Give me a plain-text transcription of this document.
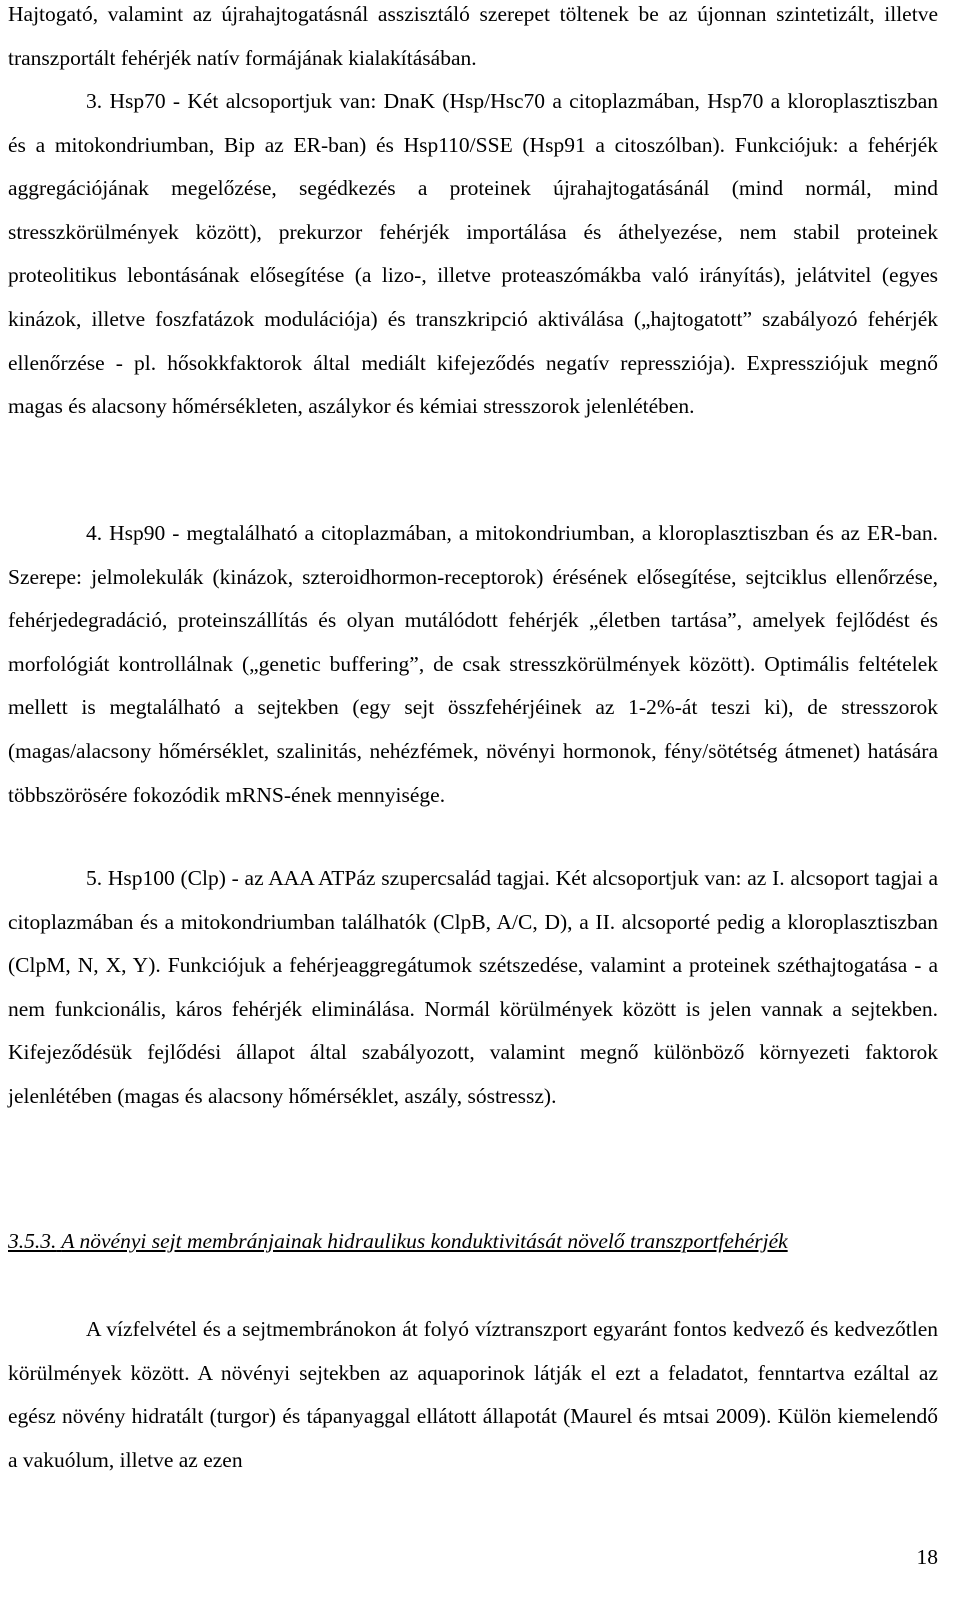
Hajtogató, valamint az újrahajtogatásnál asszisztáló szerepet töltenek be az újonnan szintetizált, illetve transzportált fehérjék natív formájának kialakításában.

3. Hsp70 - Két alcsoportjuk van: DnaK (Hsp/Hsc70 a citoplazmában, Hsp70 a kloroplasztiszban és a mitokondriumban, Bip az ER-ban) és Hsp110/SSE (Hsp91 a citoszólban). Funkciójuk: a fehérjék aggregációjának megelőzése, segédkezés a proteinek újrahajtogatásánál (mind normál, mind stresszkörülmények között), prekurzor fehérjék importálása és áthelyezése, nem stabil proteinek proteolitikus lebontásának elősegítése (a lizo-, illetve proteaszómákba való irányítás), jelátvitel (egyes kinázok, illetve foszfatázok modulációja) és transzkripció aktiválása („hajtogatott” szabályozó fehérjék ellenőrzése - pl. hősokkfaktorok által mediált kifejeződés negatív repressziója). Expressziójuk megnő magas és alacsony hőmérsékleten, aszálykor és kémiai stresszorok jelenlétében.

4. Hsp90 - megtalálható a citoplazmában, a mitokondriumban, a kloroplasztiszban és az ER-ban. Szerepe: jelmolekulák (kinázok, szteroidhormon-receptorok) érésének elősegítése, sejtciklus ellenőrzése, fehérjedegradáció, proteinszállítás és olyan mutálódott fehérjék „életben tartása”, amelyek fejlődést és morfológiát kontrollálnak („genetic buffering”, de csak stresszkörülmények között). Optimális feltételek mellett is megtalálható a sejtekben (egy sejt összfehérjéinek az 1-2%-át teszi ki), de stresszorok (magas/alacsony hőmérséklet, szalinitás, nehézfémek, növényi hormonok, fény/sötétség átmenet) hatására többszörösére fokozódik mRNS-ének mennyisége.

5. Hsp100 (Clp) - az AAA ATPáz szupercsalád tagjai. Két alcsoportjuk van: az I. alcsoport tagjai a citoplazmában és a mitokondriumban találhatók (ClpB, A/C, D), a II. alcsoporté pedig a kloroplasztiszban (ClpM, N, X, Y). Funkciójuk a fehérjeaggregátumok szétszedése, valamint a proteinek széthajtogatása - a nem funkcionális, káros fehérjék eliminálása. Normál körülmények között is jelen vannak a sejtekben. Kifejeződésük fejlődési állapot által szabályozott, valamint megnő különböző környezeti faktorok jelenlétében (magas és alacsony hőmérséklet, aszály, sóstressz).

3.5.3. A növényi sejt membránjainak hidraulikus konduktivitását növelő transzportfehérjék

A vízfelvétel és a sejtmembránokon át folyó víztranszport egyaránt fontos kedvező és kedvezőtlen körülmények között. A növényi sejtekben az aquaporinok látják el ezt a feladatot, fenntartva ezáltal az egész növény hidratált (turgor) és tápanyaggal ellátott állapotát (Maurel és mtsai 2009). Külön kiemelendő a vakuólum, illetve az ezen

18
